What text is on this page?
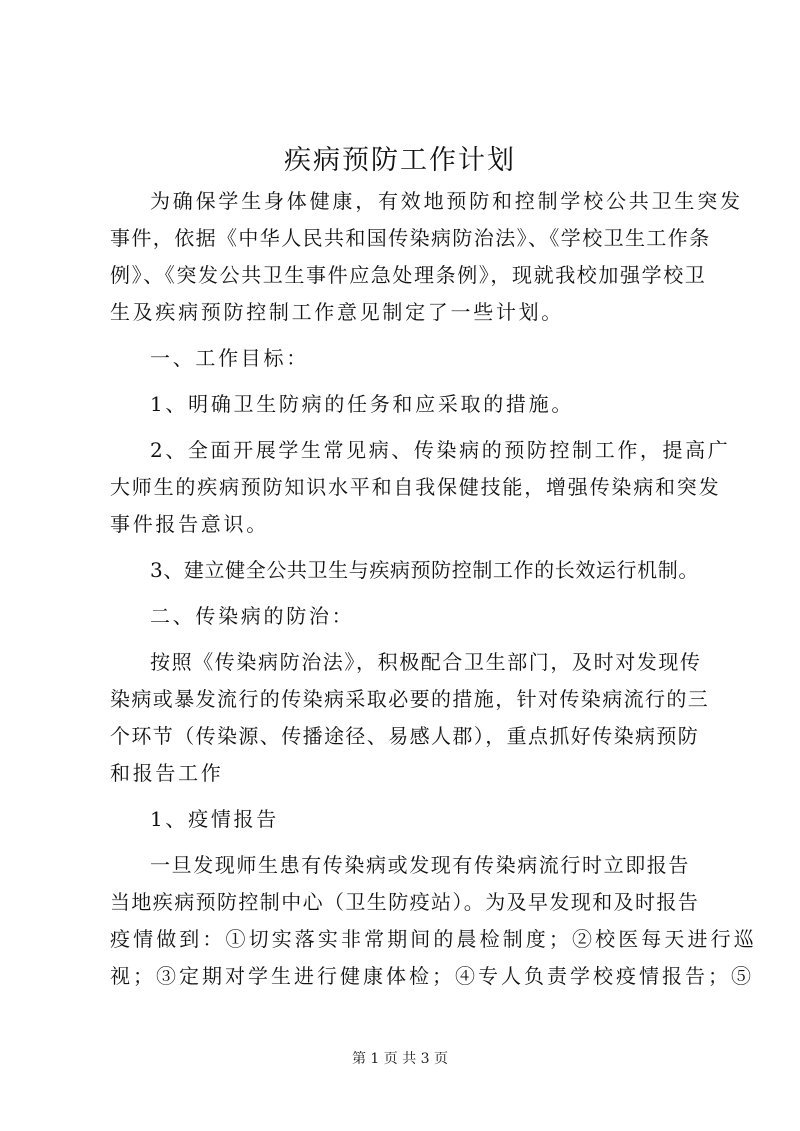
疾病预防工作计划
为确保学生身体健康，有效地预防和控制学校公共卫生突发
事件，依据《中华人民共和国传染病防治法》、《学校卫生工作条
例》、《突发公共卫生事件应急处理条例》，现就我校加强学校卫
生及疾病预防控制工作意见制定了一些计划。
一、工作目标：
1、明确卫生防病的任务和应采取的措施。
2、全面开展学生常见病、传染病的预防控制工作，提高广
大师生的疾病预防知识水平和自我保健技能，增强传染病和突发
事件报告意识。
3、建立健全公共卫生与疾病预防控制工作的长效运行机制。
二、传染病的防治：
按照《传染病防治法》，积极配合卫生部门，及时对发现传
染病或暴发流行的传染病采取必要的措施，针对传染病流行的三
个环节（传染源、传播途径、易感人郡），重点抓好传染病预防
和报告工作
1、疫情报告
一旦发现师生患有传染病或发现有传染病流行时立即报告
当地疾病预防控制中心（卫生防疫站）。为及早发现和及时报告
疫情做到：①切实落实非常期间的晨检制度；②校医每天进行巡
视；③定期对学生进行健康体检；④专人负责学校疫情报告；⑤
第 1 页 共 3 页
